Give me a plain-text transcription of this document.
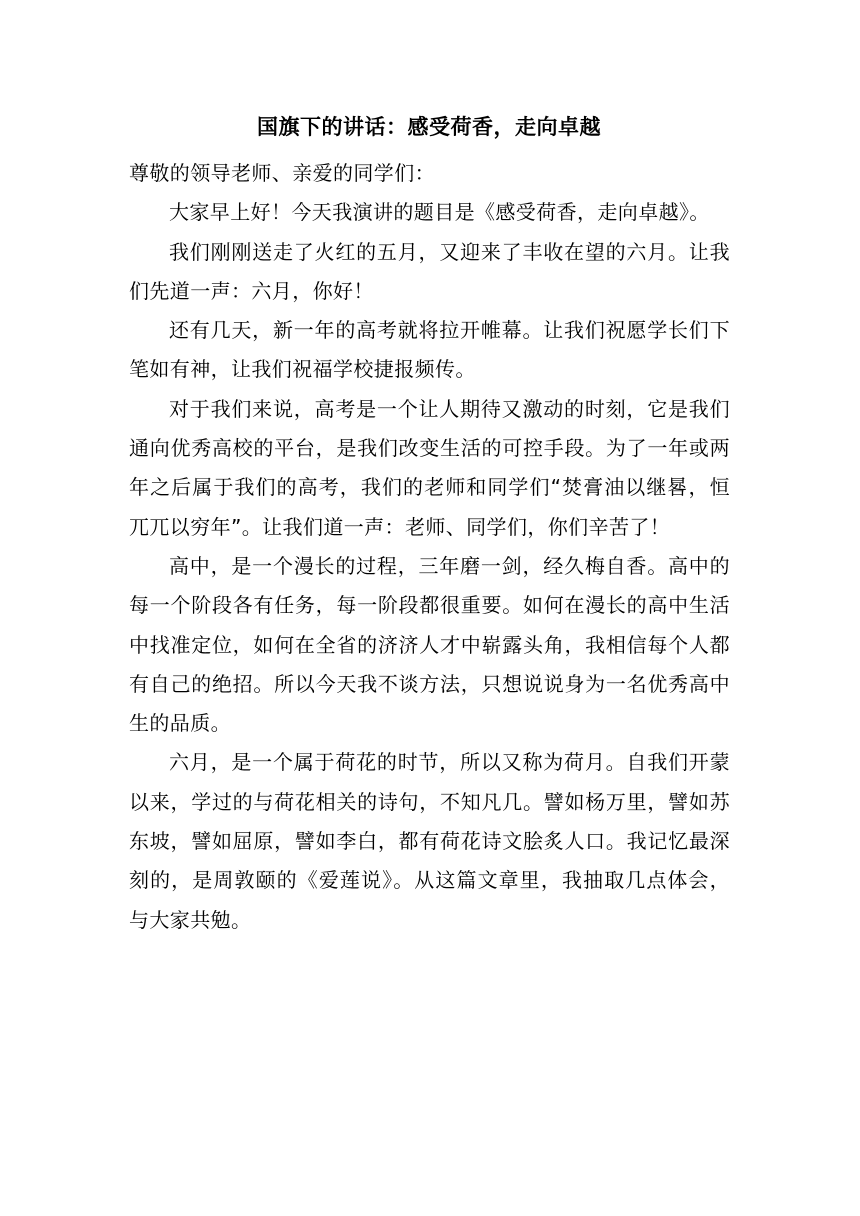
国旗下的讲话：感受荷香，走向卓越

尊敬的领导老师、亲爱的同学们：

大家早上好！今天我演讲的题目是《感受荷香，走向卓越》。

我们刚刚送走了火红的五月，又迎来了丰收在望的六月。让我们先道一声：六月，你好！

还有几天，新一年的高考就将拉开帷幕。让我们祝愿学长们下笔如有神，让我们祝福学校捷报频传。

对于我们来说，高考是一个让人期待又激动的时刻，它是我们通向优秀高校的平台，是我们改变生活的可控手段。为了一年或两年之后属于我们的高考，我们的老师和同学们“焚膏油以继晷，恒兀兀以穷年”。让我们道一声：老师、同学们，你们辛苦了！

高中，是一个漫长的过程，三年磨一剑，经久梅自香。高中的每一个阶段各有任务，每一阶段都很重要。如何在漫长的高中生活中找准定位，如何在全省的济济人才中崭露头角，我相信每个人都有自己的绝招。所以今天我不谈方法，只想说说身为一名优秀高中生的品质。

六月，是一个属于荷花的时节，所以又称为荷月。自我们开蒙以来，学过的与荷花相关的诗句，不知凡几。譬如杨万里，譬如苏东坡，譬如屈原，譬如李白，都有荷花诗文脍炙人口。我记忆最深刻的，是周敦颐的《爱莲说》。从这篇文章里，我抽取几点体会，与大家共勉。
